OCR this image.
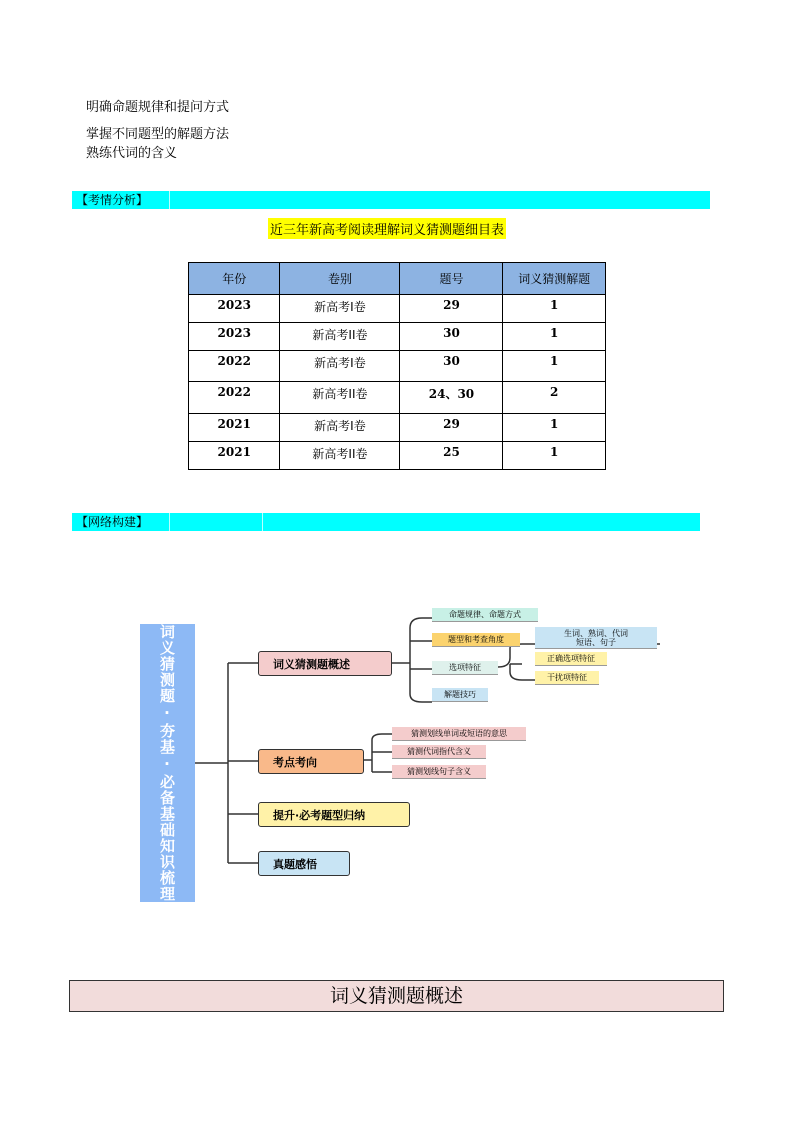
明确命题规律和提问方式
掌握不同题型的解题方法
熟练代词的含义
【考情分析】
近三年新高考阅读理解词义猜测题细目表
年份	卷别	题号	词义猜测解题
2023	新高考I卷	29	1
2023	新高考II卷	30	1
2022	新高考I卷	30	1
2022	新高考II卷	24、30	2
2021	新高考I卷	29	1
2021	新高考II卷	25	1
【网络构建】
词义猜测题·夯基·必备基础知识梳理	词义猜测题概述
考点考向
提升·必考题型归纳
真题感悟
命题规律、命题方式
题型和考查角度
选项特征
解题技巧
生词、熟词、代词
短语、句子
正确选项特征
干扰项特征
猜测划线单词或短语的意思
猜测代词指代含义
猜测划线句子含义
词义猜测题概述
